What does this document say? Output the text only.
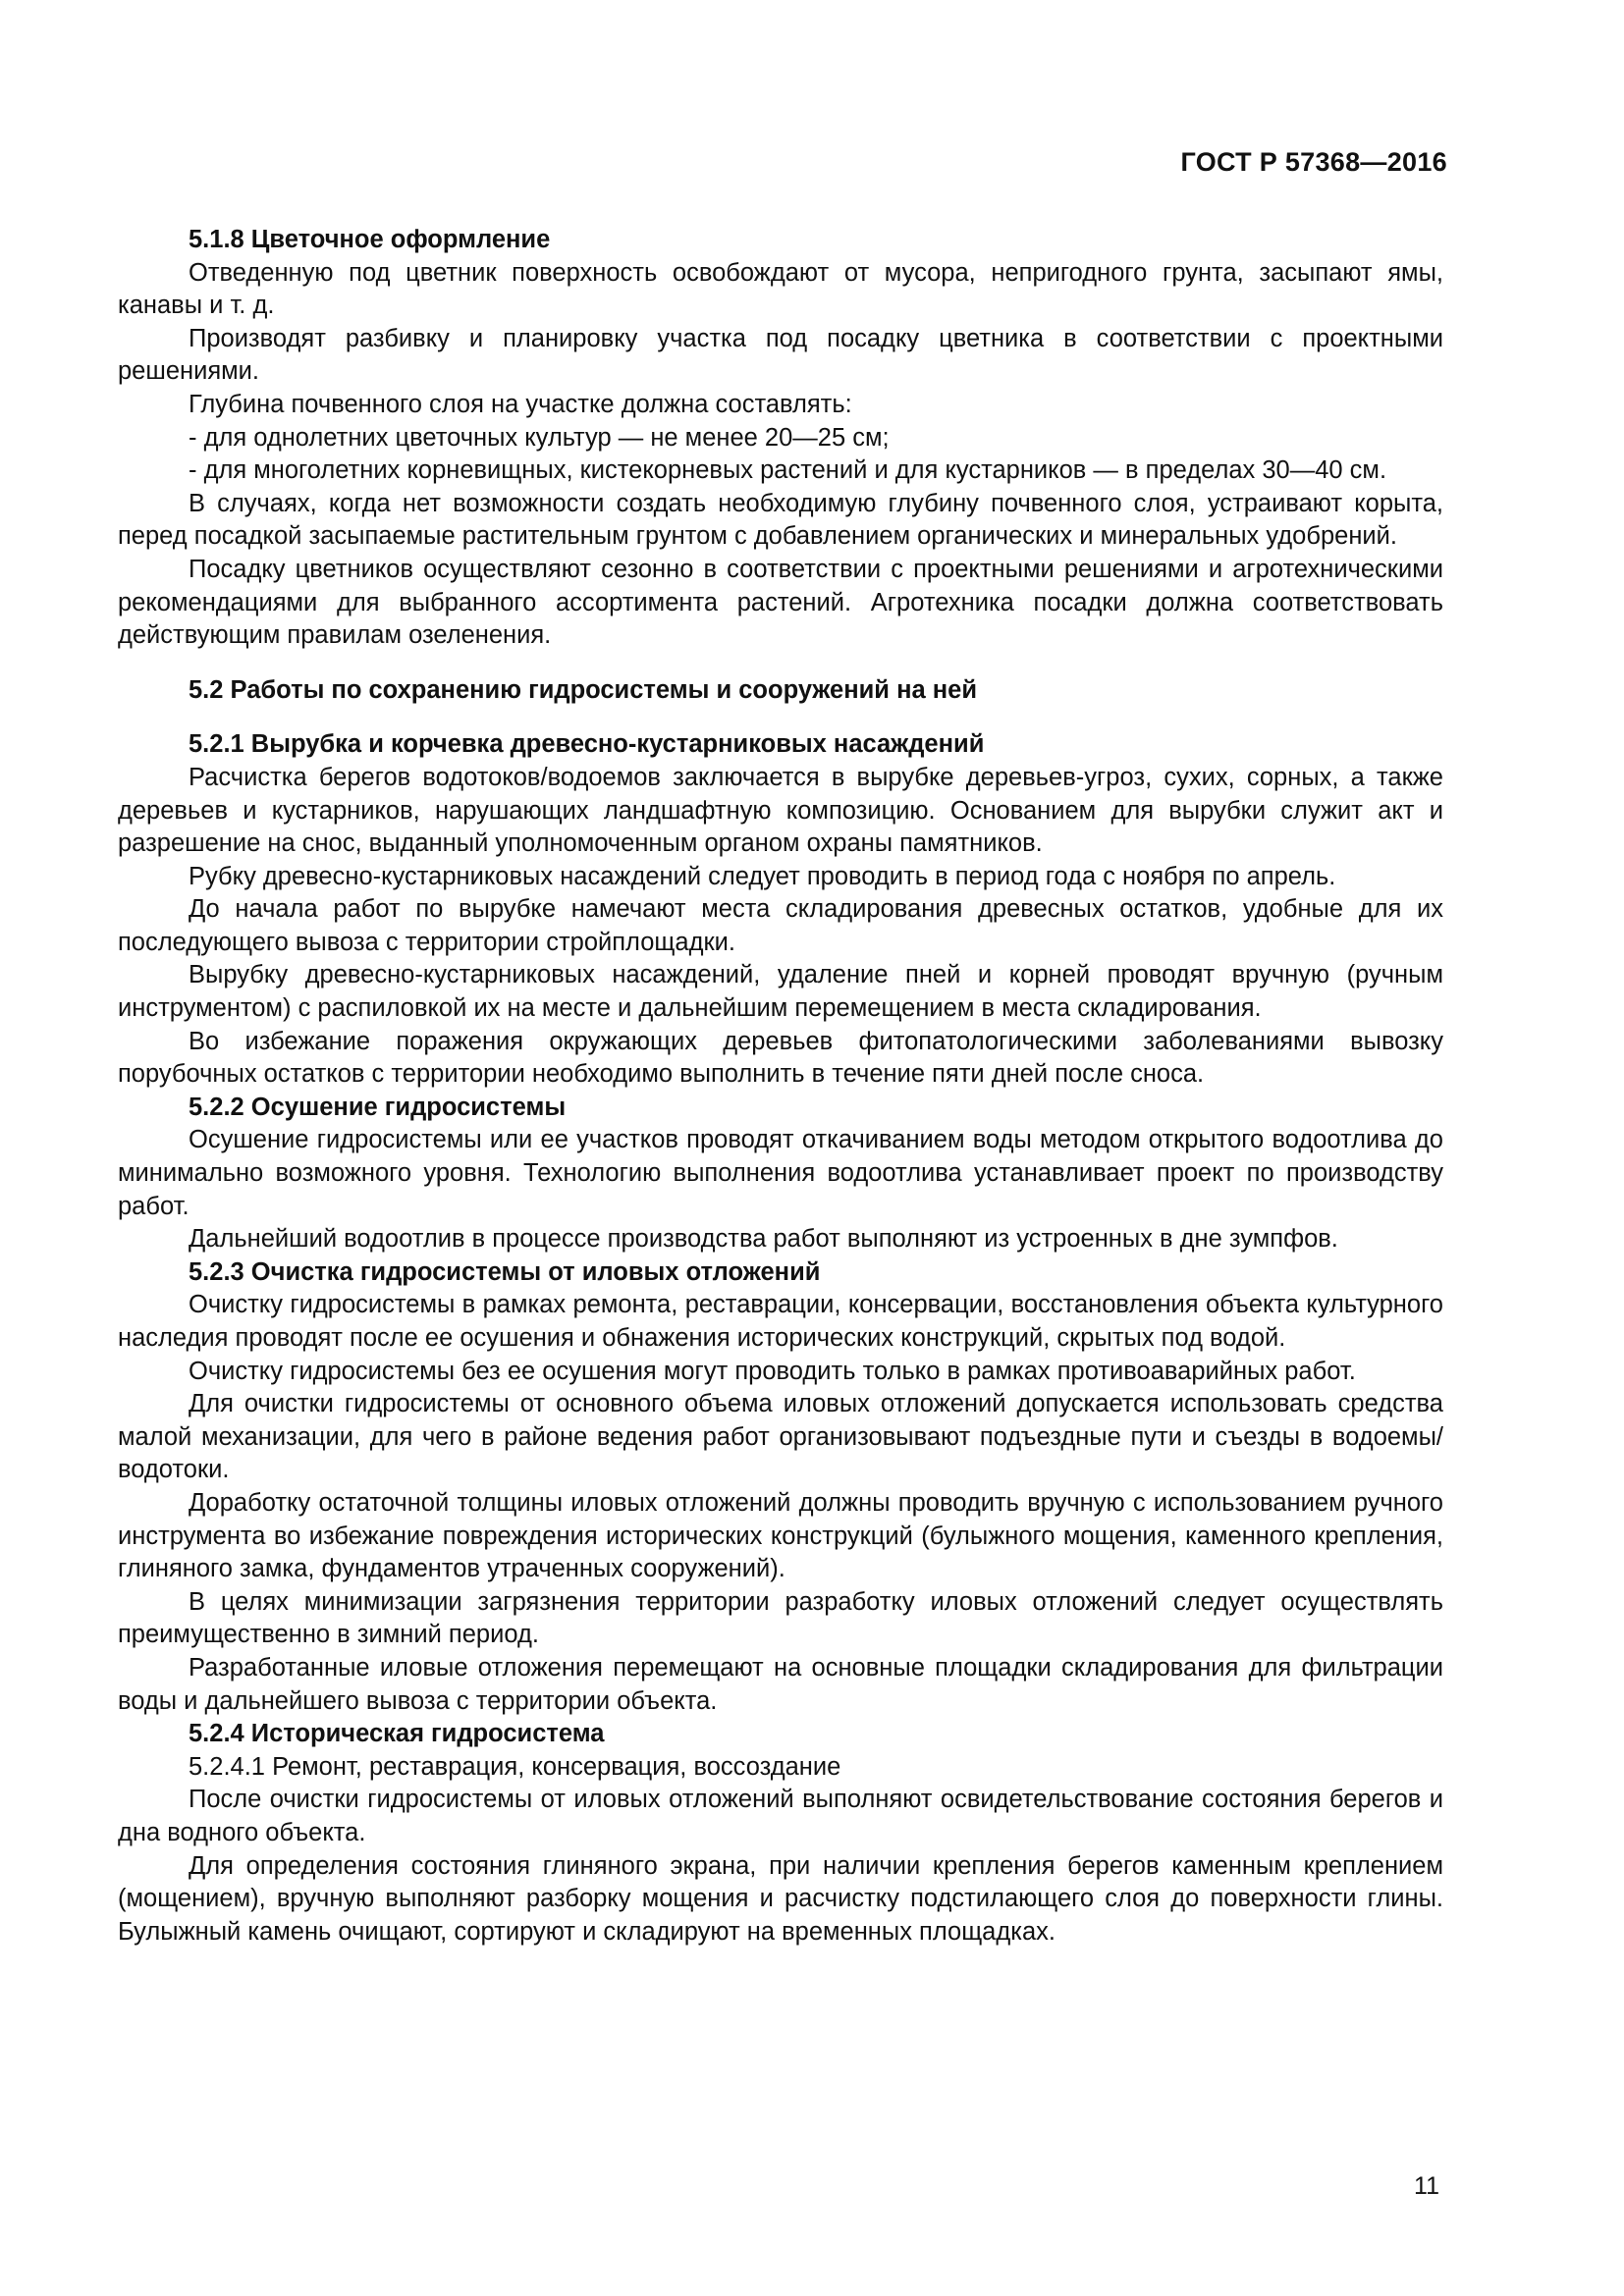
ГОСТ Р 57368—2016
5.1.8 Цветочное оформление

Отведенную под цветник поверхность освобождают от мусора, непригодного грунта, засыпают ямы, канавы и т. д.

Производят разбивку и планировку участка под посадку цветника в соответствии с проектными решениями.

Глубина почвенного слоя на участке должна составлять:

- для однолетних цветочных культур — не менее 20—25 см;

- для многолетних корневищных, кистекорневых растений и для кустарников — в пределах 30—40 см.

В случаях, когда нет возможности создать необходимую глубину почвенного слоя, устраивают корыта, перед посадкой засыпаемые растительным грунтом с добавлением органических и минеральных удобрений.

Посадку цветников осуществляют сезонно в соответствии с проектными решениями и агротехническими рекомендациями для выбранного ассортимента растений. Агротехника посадки должна соответствовать действующим правилам озеленения.

5.2 Работы по сохранению гидросистемы и сооружений на ней
5.2.1 Вырубка и корчевка древесно-кустарниковых насаждений

Расчистка берегов водотоков/водоемов заключается в вырубке деревьев-угроз, сухих, сорных, а также деревьев и кустарников, нарушающих ландшафтную композицию. Основанием для вырубки служит акт и разрешение на снос, выданный уполномоченным органом охраны памятников.

Рубку древесно-кустарниковых насаждений следует проводить в период года с ноября по апрель.

До начала работ по вырубке намечают места складирования древесных остатков, удобные для их последующего вывоза с территории стройплощадки.

Вырубку древесно-кустарниковых насаждений, удаление пней и корней проводят вручную (ручным инструментом) с распиловкой их на месте и дальнейшим перемещением в места складирования.

Во избежание поражения окружающих деревьев фитопатологическими заболеваниями вывозку порубочных остатков с территории необходимо выполнить в течение пяти дней после сноса.

5.2.2 Осушение гидросистемы

Осушение гидросистемы или ее участков проводят откачиванием воды методом открытого водоотлива до минимально возможного уровня. Технологию выполнения водоотлива устанавливает проект по производству работ.

Дальнейший водоотлив в процессе производства работ выполняют из устроенных в дне зумпфов.

5.2.3 Очистка гидросистемы от иловых отложений

Очистку гидросистемы в рамках ремонта, реставрации, консервации, восстановления объекта культурного наследия проводят после ее осушения и обнажения исторических конструкций, скрытых под водой.

Очистку гидросистемы без ее осушения могут проводить только в рамках противоаварийных работ.

Для очистки гидросистемы от основного объема иловых отложений допускается использовать средства малой механизации, для чего в районе ведения работ организовывают подъездные пути и съезды в водоемы/водотоки.

Доработку остаточной толщины иловых отложений должны проводить вручную с использованием ручного инструмента во избежание повреждения исторических конструкций (булыжного мощения, каменного крепления, глиняного замка, фундаментов утраченных сооружений).

В целях минимизации загрязнения территории разработку иловых отложений следует осуществлять преимущественно в зимний период.

Разработанные иловые отложения перемещают на основные площадки складирования для фильтрации воды и дальнейшего вывоза с территории объекта.

5.2.4 Историческая гидросистема

5.2.4.1 Ремонт, реставрация, консервация, воссоздание

После очистки гидросистемы от иловых отложений выполняют освидетельствование состояния берегов и дна водного объекта.

Для определения состояния глиняного экрана, при наличии крепления берегов каменным креплением (мощением), вручную выполняют разборку мощения и расчистку подстилающего слоя до поверхности глины. Булыжный камень очищают, сортируют и складируют на временных площадках.

11
